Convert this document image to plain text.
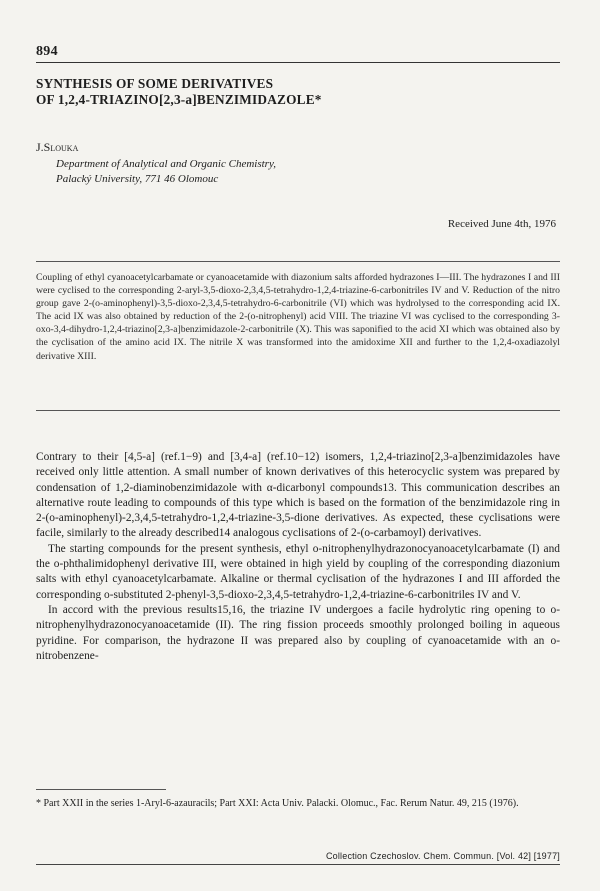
894
SYNTHESIS OF SOME DERIVATIVES
OF 1,2,4-TRIAZINO[2,3-a]BENZIMIDAZOLE*
J.Slouka
Department of Analytical and Organic Chemistry,
Palacký University, 771 46 Olomouc
Received June 4th, 1976
Coupling of ethyl cyanoacetylcarbamate or cyanoacetamide with diazonium salts afforded hydrazones I—III. The hydrazones I and III were cyclised to the corresponding 2-aryl-3,5-dioxo-2,3,4,5-tetrahydro-1,2,4-triazine-6-carbonitriles IV and V. Reduction of the nitro group gave 2-(o-aminophenyl)-3,5-dioxo-2,3,4,5-tetrahydro-6-carbonitrile (VI) which was hydrolysed to the corresponding acid IX. The acid IX was also obtained by reduction of the 2-(o-nitrophenyl) acid VIII. The triazine VI was cyclised to the corresponding 3-oxo-3,4-dihydro-1,2,4-triazino[2,3-a]benzimidazole-2-carbonitrile (X). This was saponified to the acid XI which was obtained also by the cyclisation of the amino acid IX. The nitrile X was transformed into the amidoxime XII and further to the 1,2,4-oxadiazolyl derivative XIII.

Contrary to their [4,5-a] (ref.1−9) and [3,4-a] (ref.10−12) isomers, 1,2,4-triazino[2,3-a]benzimidazoles have received only little attention. A small number of known derivatives of this heterocyclic system was prepared by condensation of 1,2-diaminobenzimidazole with α-dicarbonyl compounds13. This communication describes an alternative route leading to compounds of this type which is based on the formation of the benzimidazole ring in 2-(o-aminophenyl)-2,3,4,5-tetrahydro-1,2,4-triazine-3,5-dione derivatives. As expected, these cyclisations were facile, similarly to the already described14 analogous cyclisations of 2-(o-carbamoyl) derivatives.

The starting compounds for the present synthesis, ethyl o-nitrophenylhydrazonocyanoacetylcarbamate (I) and the o-phthalimidophenyl derivative III, were obtained in high yield by coupling of the corresponding diazonium salts with ethyl cyanoacetylcarbamate. Alkaline or thermal cyclisation of the hydrazones I and III afforded the corresponding o-substituted 2-phenyl-3,5-dioxo-2,3,4,5-tetrahydro-1,2,4-triazine-6-carbonitriles IV and V.

In accord with the previous results15,16, the triazine IV undergoes a facile hydrolytic ring opening to o-nitrophenylhydrazonocyanoacetamide (II). The ring fission proceeds smoothly prolonged boiling in aqueous pyridine. For comparison, the hydrazone II was prepared also by coupling of cyanoacetamide with an o-nitrobenzene-

* Part XXII in the series 1-Aryl-6-azauracils; Part XXI: Acta Univ. Palacki. Olomuc., Fac. Rerum Natur. 49, 215 (1976).
Collection Czechoslov. Chem. Commun. [Vol. 42] [1977]
